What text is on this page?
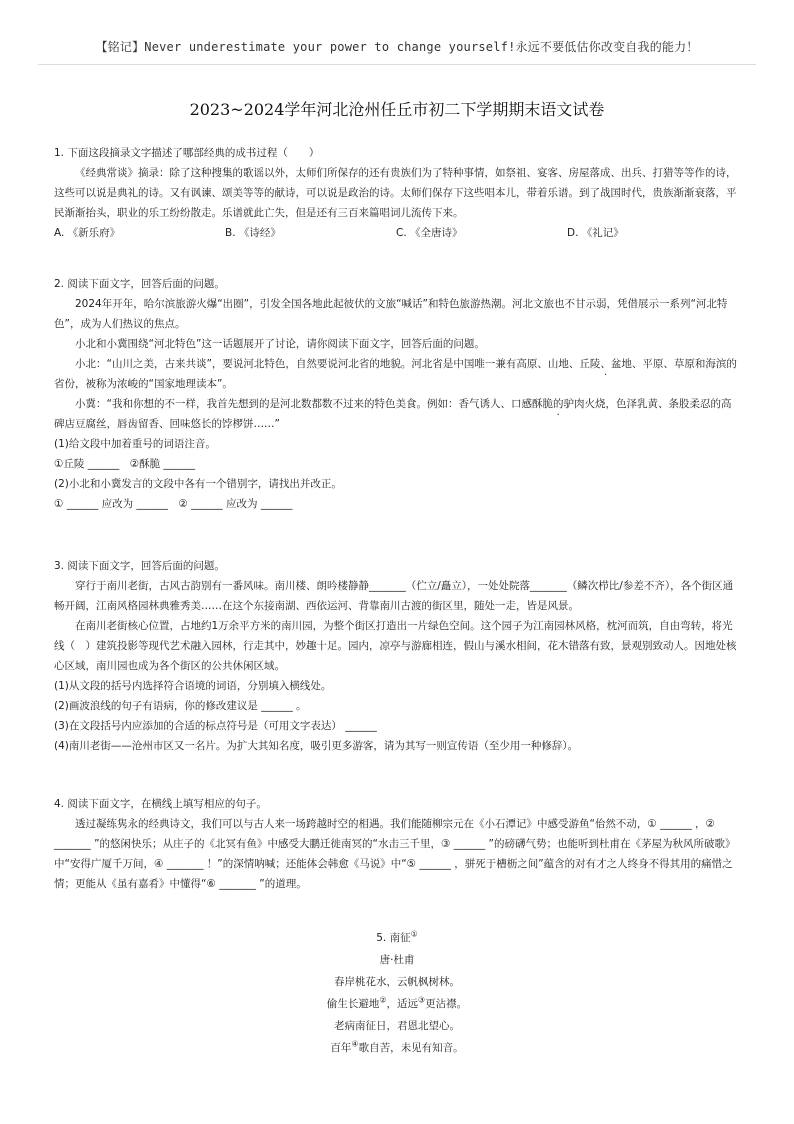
【铭记】Never underestimate your power to change yourself!永远不要低估你改变自我的能力！
2023~2024学年河北沧州任丘市初二下学期期末语文试卷

1. 下面这段摘录文字描述了哪部经典的成书过程（　　）

《经典常谈》摘录：除了这种搜集的歌谣以外，太师们所保存的还有贵族们为了特种事情，如祭祖、宴客、房屋落成、出兵、打猎等等作的诗，这些可以说是典礼的诗。又有讽谏、颂美等等的献诗，可以说是政治的诗。太师们保存下这些唱本儿，带着乐谱。到了战国时代，贵族渐渐衰落，平民渐渐抬头，职业的乐工纷纷散走。乐谱就此亡失，但是还有三百来篇唱词儿流传下来。

A. 《新乐府》	B. 《诗经》	C. 《全唐诗》	D. 《礼记》

2. 阅读下面文字，回答后面的问题。

2024年开年，哈尔滨旅游火爆“出圈”，引发全国各地此起彼伏的文旅“喊话”和特色旅游热潮。河北文旅也不甘示弱，凭借展示一系列“河北特色”，成为人们热议的焦点。

小北和小冀围绕“河北特色”这一话题展开了讨论，请你阅读下面文字，回答后面的问题。

小北：“山川之美，古来共谈”，要说河北特色，自然要说河北省的地貌。河北省是中国唯一兼有高原、山地、丘陵、盆地、平原、草原和海滨的省份，被称为浓峻的“国家地理读本”。

小冀：“我和你想的不一样，我首先想到的是河北数都数不过来的特色美食。例如：香气诱人、口感酥脆的驴肉火烧，色泽乳黄、条股柔忍的高碑店豆腐丝，唇齿留香、回味悠长的饽椤饼……”

(1)给文段中加着重号的词语注音。

①丘陵 ______　②酥脆 ______

(2)小北和小冀发言的文段中各有一个错别字，请找出并改正。

① ______ 应改为 ______　② ______ 应改为 ______

3. 阅读下面文字，回答后面的问题。

穿行于南川老街，古风古韵别有一番风味。南川楼、朗吟楼静静_______（伫立/矗立），一处处院落_______（鳞次栉比/参差不齐），各个街区通畅开阔，江南风格园林典雅秀美……在这个东接南湖、西依运河、背靠南川古渡的街区里，随处一走，皆是风景。

在南川老街核心位置，占地约1万余平方米的南川园，为整个街区打造出一片绿色空间。这个园子为江南园林风格，枕河而筑，自由弯转，将光线（　）建筑投影等现代艺术融入园林，行走其中，妙趣十足。园内，凉亭与游廊相连，假山与溪水相间，花木错落有致，景观别致动人。因地处核心区域，南川园也成为各个街区的公共休闲区域。

(1)从文段的括号内选择符合语境的词语，分别填入横线处。

(2)画波浪线的句子有语病，你的修改建议是 ______ 。

(3)在文段括号内应添加的合适的标点符号是（可用文字表达） ______

(4)南川老街——沧州市区又一名片。为扩大其知名度，吸引更多游客，请为其写一则宣传语（至少用一种修辞）。

4. 阅读下面文字，在横线上填写相应的句子。

透过凝练隽永的经典诗文，我们可以与古人来一场跨越时空的相遇。我们能随柳宗元在《小石潭记》中感受游鱼“佁然不动，① ______ ，② _______ ”的悠闲快乐；从庄子的《北冥有鱼》中感受大鹏迁徙南冥的“水击三千里，③ ______ ”的磅礴气势；也能听到杜甫在《茅屋为秋风所破歌》中“安得广厦千万间，④ _______ ！”的深情呐喊；还能体会韩愈《马说》中“⑤ ______ ，骈死于槽枥之间”蕴含的对有才之人终身不得其用的痛惜之情；更能从《虽有嘉肴》中懂得“⑥ _______ ”的道理。

5. 南征①

唐·杜甫

春岸桃花水，云帆枫树林。

偷生长避地②，适远③更沾襟。

老病南征日，君恩北望心。

百年④歌自苦，未见有知音。
